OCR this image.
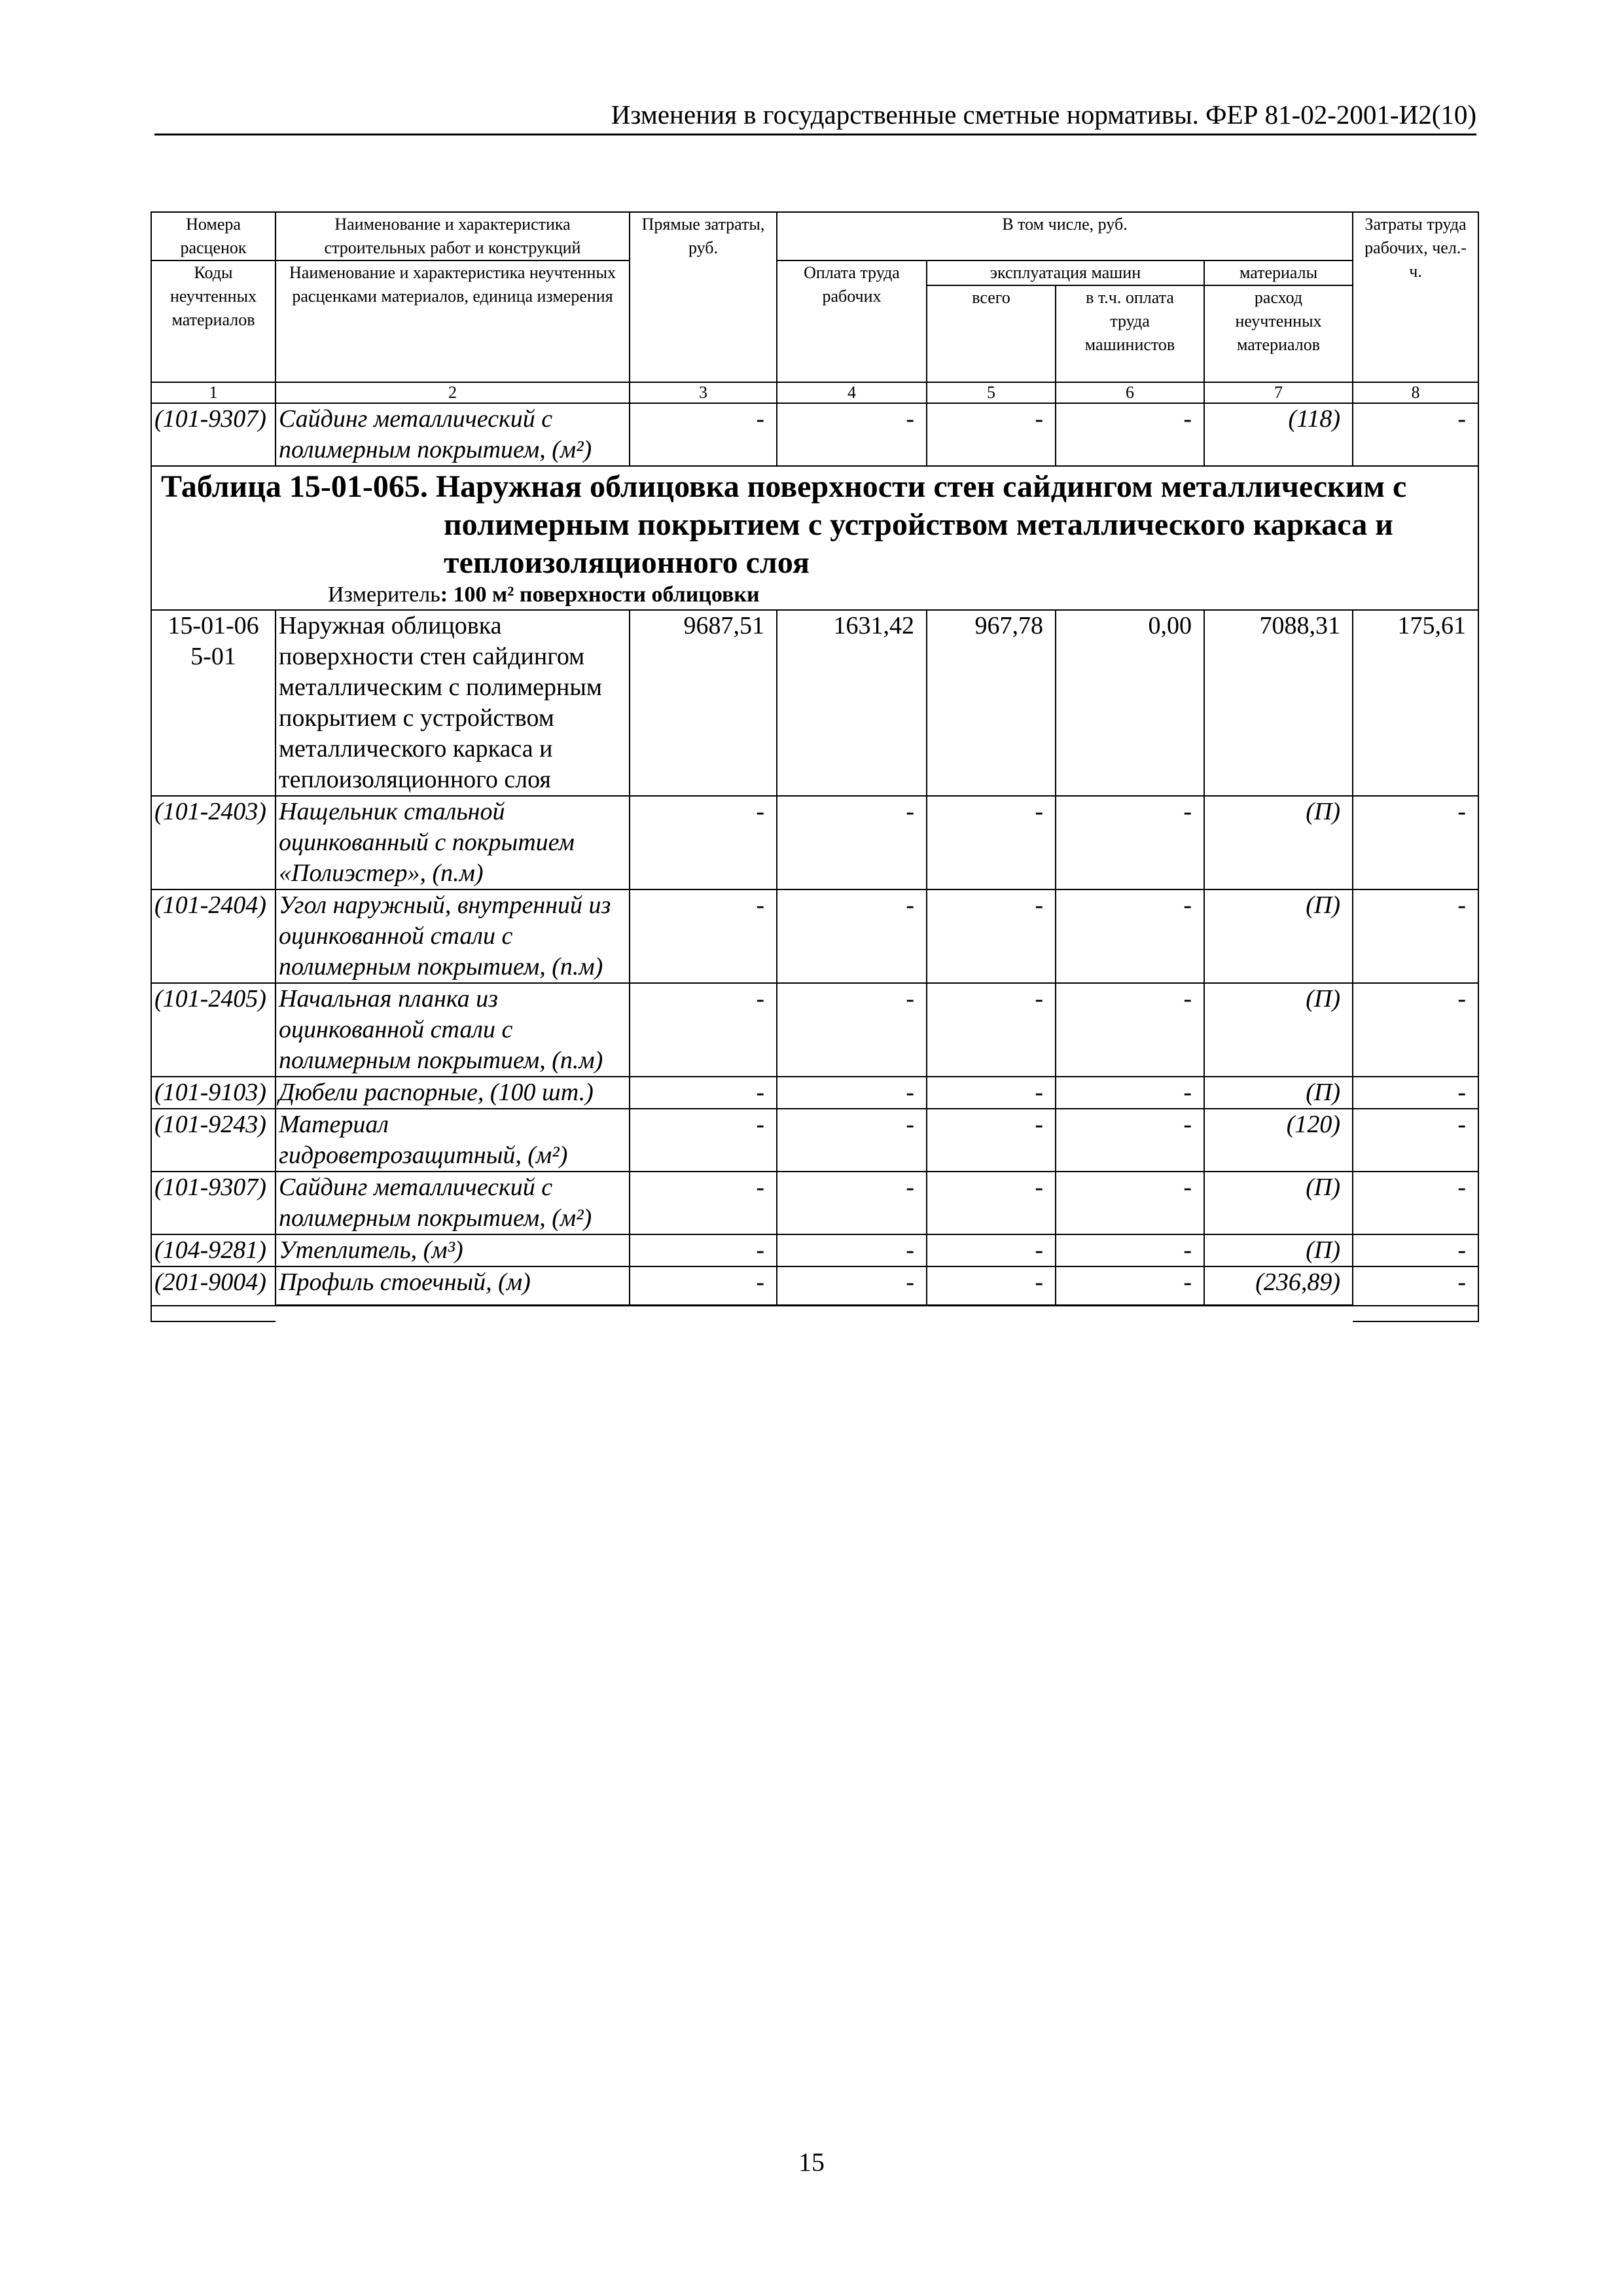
Изменения в государственные сметные нормативы. ФЕР 81-02-2001-И2(10)
Номера расценок	Наименование и характеристика строительных работ и конструкций	Прямые затраты, руб.	В том числе, руб.				Затраты труда рабочих, чел.-ч.
Коды неучтенных материалов	Наименование и характеристика неучтенных расценками материалов, единица измерения		Оплата труда рабочих	эксплуатация машин		материалы	
				всего	в т.ч. оплата труда машинистов	расход неучтенных материалов	

1	2	3	4	5	6	7	8
(101-9307)	Сайдинг металлический с полимерным покрытием, (м²)	-	-	-	-	(118)	-

Таблица 15-01-065. Наружная облицовка поверхности стен сайдингом металлическим с полимерным покрытием с устройством металлического каркаса и теплоизоляционного слоя
Измеритель: 100 м² поверхности облицовки							

15-01-065-01	Наружная облицовка поверхности стен сайдингом металлическим с полимерным покрытием с устройством металлического каркаса и теплоизоляционного слоя	9687,51	1631,42	967,78	0,00	7088,31	175,61
(101-2403)	Нащельник стальной оцинкованный с покрытием «Полиэстер», (п.м)	-	-	-	-	(П)	-
(101-2404)	Угол наружный, внутренний из оцинкованной стали с полимерным покрытием, (п.м)	-	-	-	-	(П)	-
(101-2405)	Начальная планка из оцинкованной стали с полимерным покрытием, (п.м)	-	-	-	-	(П)	-
(101-9103)	Дюбели распорные, (100 шт.)	-	-	-	-	(П)	-
(101-9243)	Материал гидроветрозащитный, (м²)	-	-	-	-	(120)	-
(101-9307)	Сайдинг металлический с полимерным покрытием, (м²)	-	-	-	-	(П)	-
(104-9281)	Утеплитель, (м³)	-	-	-	-	(П)	-
(201-9004)	Профиль стоечный, (м)	-	-	-	-	(236,89)	-

15
